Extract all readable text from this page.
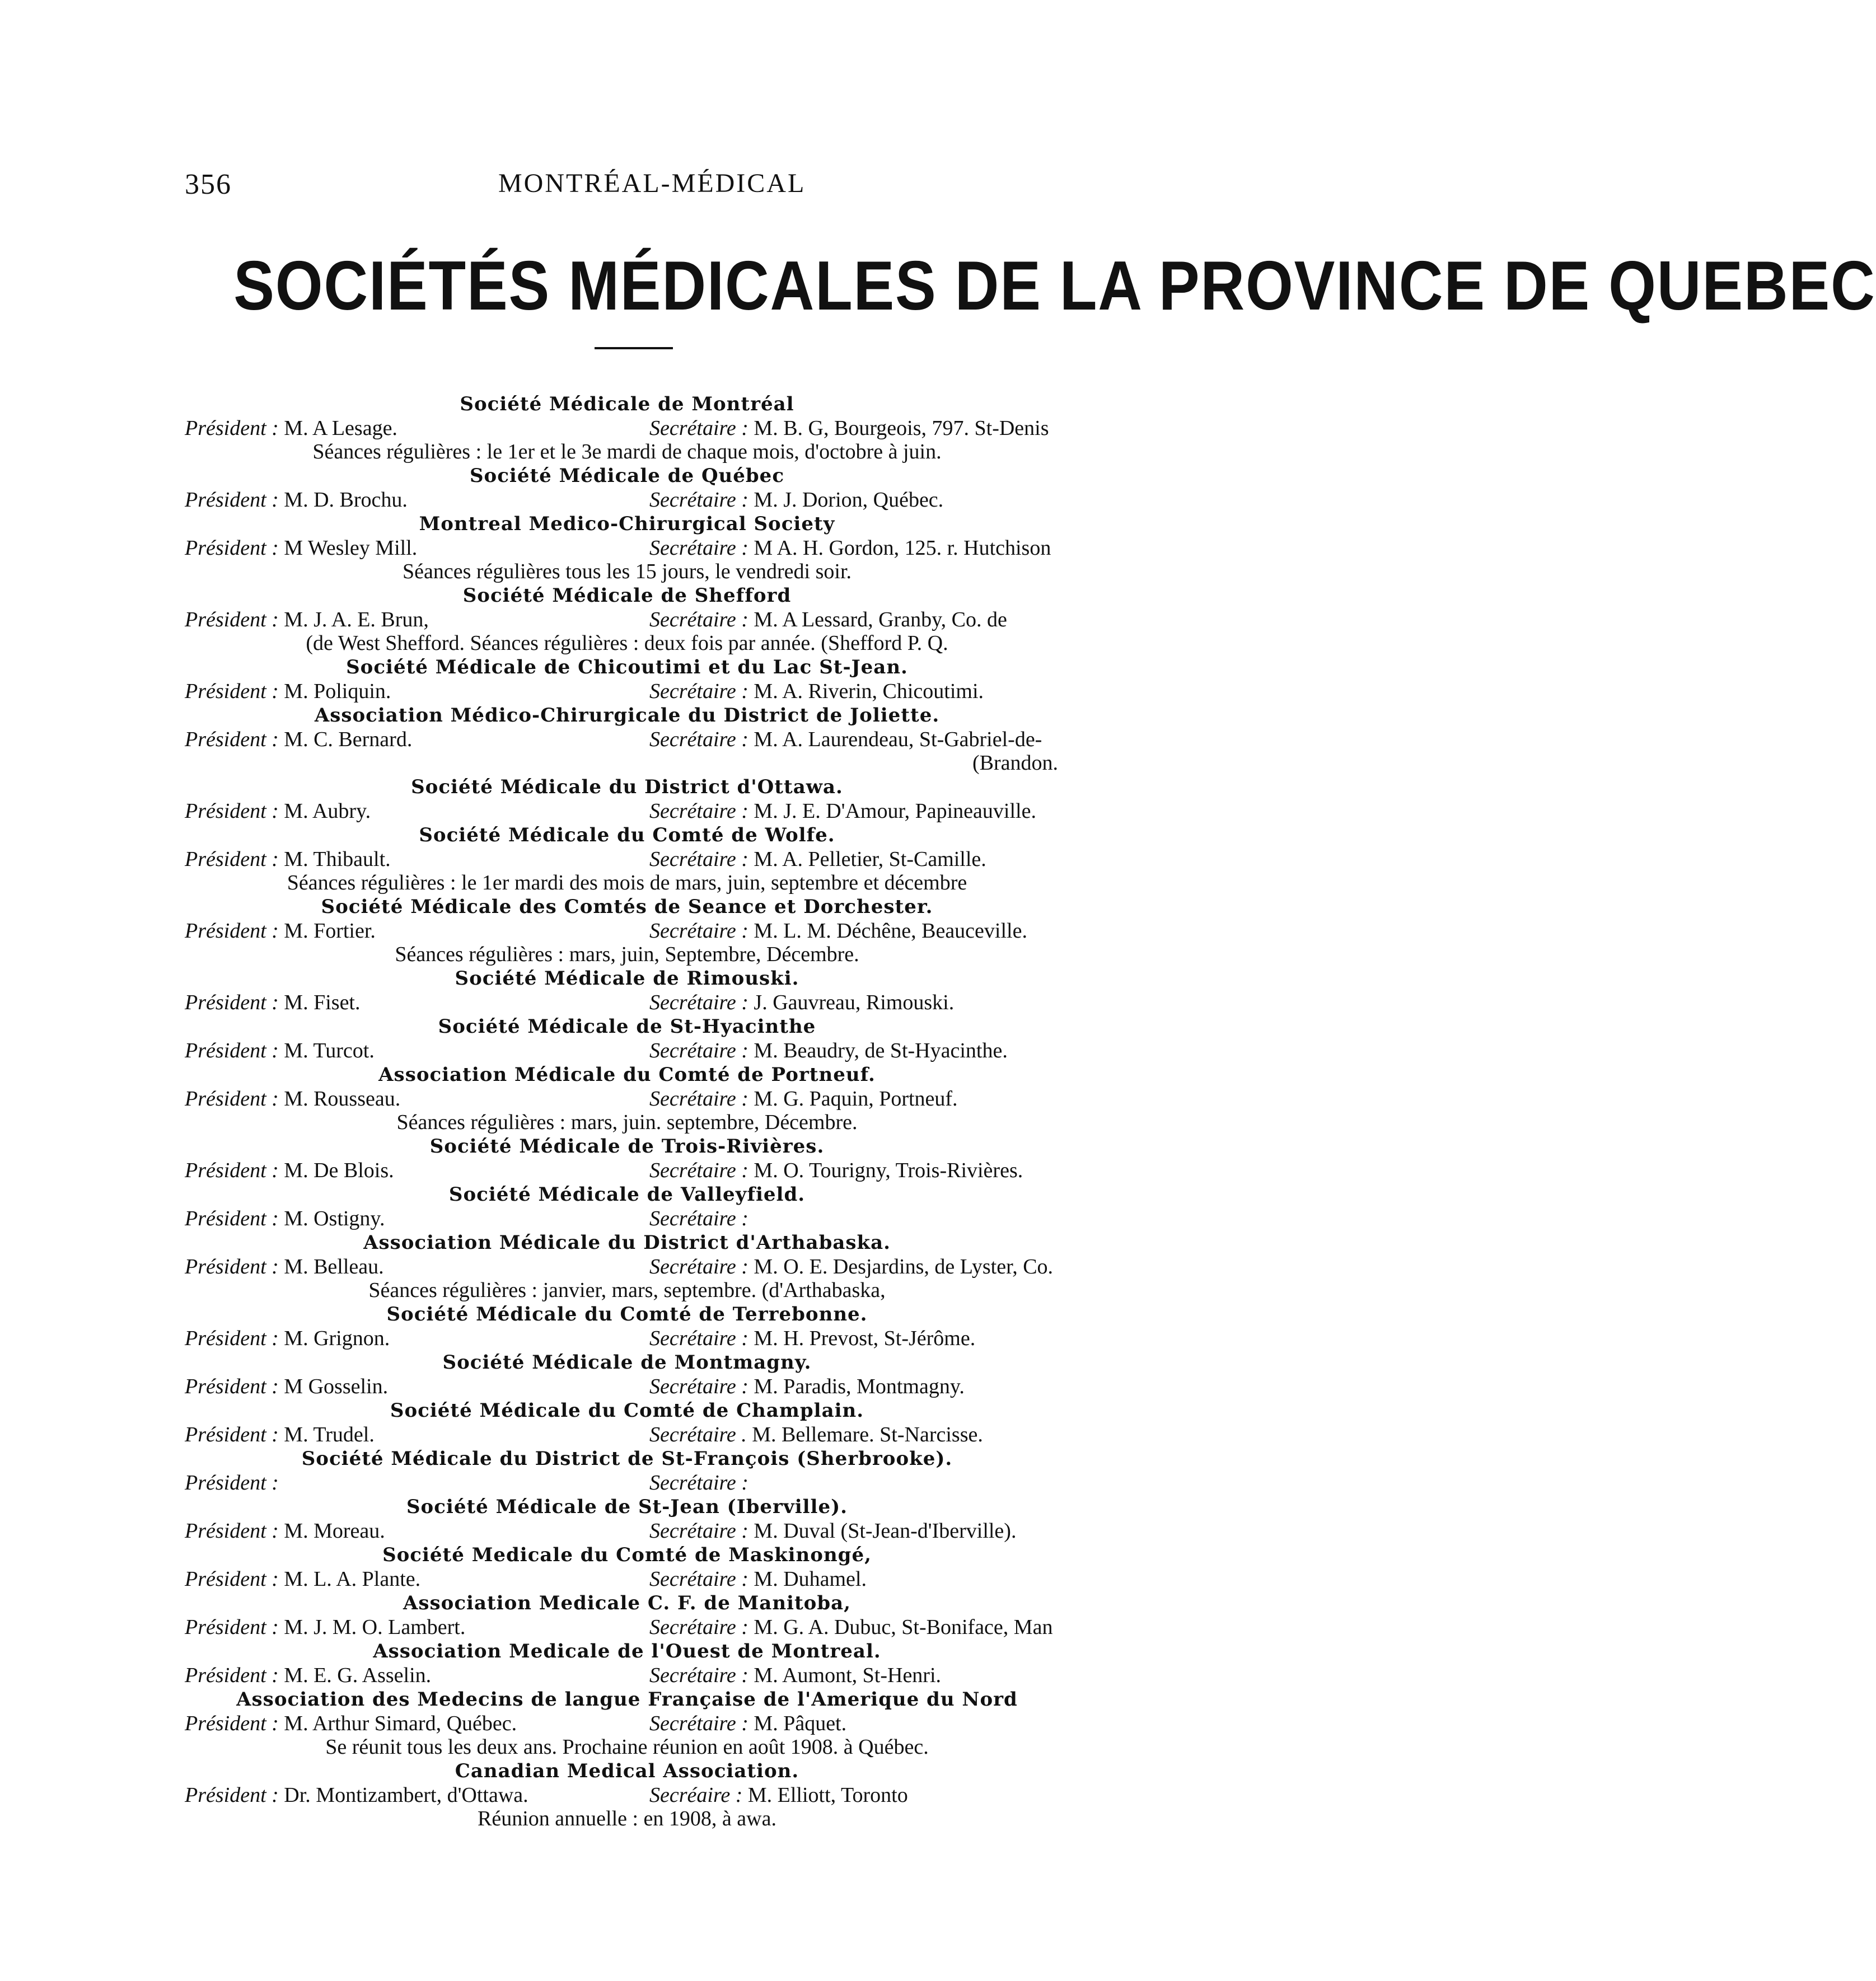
356	MONTRÉAL-MÉDICAL
SOCIÉTÉS MÉDICALES DE LA PROVINCE DE QUEBEC
Société Médicale de Montréal
Président : M. A Lesage.	Secrétaire : M. B. G, Bourgeois, 797. St-Denis
Séances régulières : le 1er et le 3e mardi de chaque mois, d'octobre à juin.
Société Médicale de Québec
Président : M. D. Brochu.	Secrétaire : M. J. Dorion, Québec.
Montreal Medico-Chirurgical Society
Président : M Wesley Mill.	Secrétaire : M A. H. Gordon, 125. r. Hutchison
Séances régulières tous les 15 jours, le vendredi soir.
Société Médicale de Shefford
Président : M. J. A. E. Brun,	Secrétaire : M. A Lessard, Granby, Co. de
(de West Shefford. Séances régulières : deux fois par année. (Shefford P. Q.
Société Médicale de Chicoutimi et du Lac St-Jean.
Président : M. Poliquin.	Secrétaire : M. A. Riverin, Chicoutimi.
Association Médico-Chirurgicale du District de Joliette.
Président : M. C. Bernard.	Secrétaire : M. A. Laurendeau, St-Gabriel-de-
(Brandon.
Société Médicale du District d'Ottawa.
Président : M. Aubry.	Secrétaire : M. J. E. D'Amour, Papineauville.
Société Médicale du Comté de Wolfe.
Président : M. Thibault.	Secrétaire : M. A. Pelletier, St-Camille.
Séances régulières : le 1er mardi des mois de mars, juin, septembre et décembre
Société Médicale des Comtés de Seance et Dorchester.
Président : M. Fortier.	Secrétaire : M. L. M. Déchêne, Beauceville.
Séances régulières : mars, juin, Septembre, Décembre.
Société Médicale de Rimouski.
Président : M. Fiset.	Secrétaire : J. Gauvreau, Rimouski.
Société Médicale de St-Hyacinthe
Président : M. Turcot.	Secrétaire : M. Beaudry, de St-Hyacinthe.
Association Médicale du Comté de Portneuf.
Président : M. Rousseau.	Secrétaire : M. G. Paquin, Portneuf.
Séances régulières : mars, juin. septembre, Décembre.
Société Médicale de Trois-Rivières.
Président : M. De Blois.	Secrétaire : M. O. Tourigny, Trois-Rivières.
Société Médicale de Valleyfield.
Président : M. Ostigny.	Secrétaire :
Association Médicale du District d'Arthabaska.
Président : M. Belleau.	Secrétaire : M. O. E. Desjardins, de Lyster, Co.
Séances régulières : janvier, mars, septembre. (d'Arthabaska,
Société Médicale du Comté de Terrebonne.
Président : M. Grignon.	Secrétaire : M. H. Prevost, St-Jérôme.
Société Médicale de Montmagny.
Président : M Gosselin.	Secrétaire : M. Paradis, Montmagny.
Société Médicale du Comté de Champlain.
Président : M. Trudel.	Secrétaire . M. Bellemare. St-Narcisse.
Société Médicale du District de St-François (Sherbrooke).
Président :	Secrétaire :
Société Médicale de St-Jean (Iberville).
Président : M. Moreau.	Secrétaire : M. Duval (St-Jean-d'Iberville).
Société Medicale du Comté de Maskinongé,
Président : M. L. A. Plante.	Secrétaire : M. Duhamel.
Association Medicale C. F. de Manitoba,
Président : M. J. M. O. Lambert.	Secrétaire : M. G. A. Dubuc, St-Boniface, Man
Association Medicale de l'Ouest de Montreal.
Président : M. E. G. Asselin.	Secrétaire : M. Aumont, St-Henri.
Association des Medecins de langue Française de l'Amerique du Nord
Président : M. Arthur Simard, Québec.	Secrétaire : M. Pâquet.
Se réunit tous les deux ans. Prochaine réunion en août 1908. à Québec.
Canadian Medical Association.
Président : Dr. Montizambert, d'Ottawa.	Secréaire : M. Elliott, Toronto
Réunion annuelle : en 1908, à awa.
